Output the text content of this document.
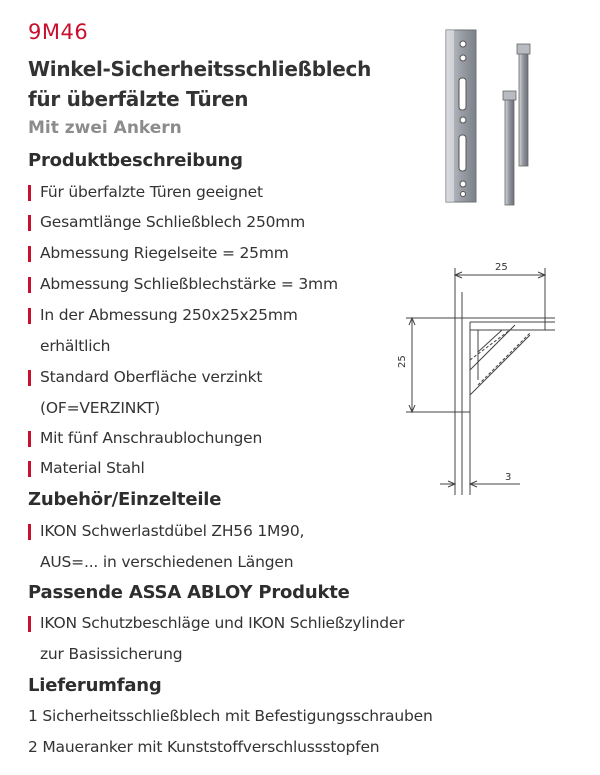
9M46
Winkel-Sicherheitsschließblech
für überfälzte Türen
Mit zwei Ankern
Produktbeschreibung
Für überfalzte Türen geeignet
Gesamtlänge Schließblech 250mm
Abmessung Riegelseite = 25mm
Abmessung Schließblechstärke = 3mm
In der Abmessung 250x25x25mm
erhältlich
Standard Oberfläche verzinkt
(OF=VERZINKT)
Mit fünf Anschraublochungen
Material Stahl
Zubehör/Einzelteile
IKON Schwerlastdübel ZH56 1M90,
AUS=... in verschiedenen Längen
Passende ASSA ABLOY Produkte
IKON Schutzbeschläge und IKON Schließzylinder
zur Basissicherung
Lieferumfang
1 Sicherheitsschließblech mit Befestigungsschrauben
2 Maueranker mit Kunststoffverschlussstopfen
25
25
3
